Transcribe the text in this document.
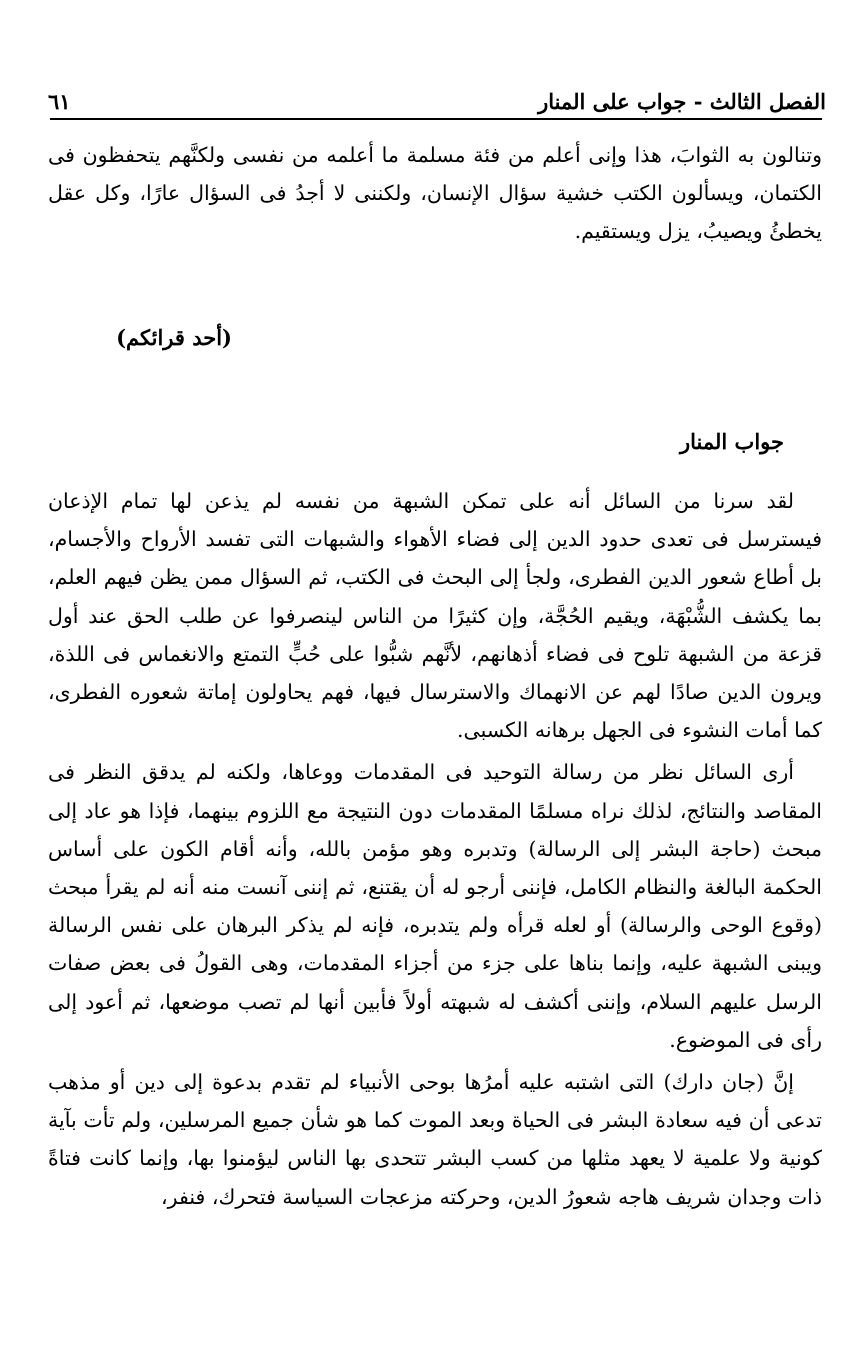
الفصل الثالث - جواب على المنار
٦١

وتنالون به الثوابَ، هذا وإنى أعلم من فئة مسلمة ما أعلمه من نفسى ولكنَّهم يتحفظون فى الكتمان، ويسألون الكتب خشية سؤال الإنسان، ولكننى لا أجدُ فى السؤال عارًا، وكل عقل يخطئُ ويصيبُ، يزل ويستقيم.

(أحد قرائكم)
جواب المنار

لقد سرنا من السائل أنه على تمكن الشبهة من نفسه لم يذعن لها تمام الإذعان فيسترسل فى تعدى حدود الدين إلى فضاء الأهواء والشبهات التى تفسد الأرواح والأجسام، بل أطاع شعور الدين الفطرى، ولجأ إلى البحث فى الكتب، ثم السؤال ممن يظن فيهم العلم، بما يكشف الشُّبْهَة، ويقيم الحُجَّة، وإن كثيرًا من الناس لينصرفوا عن طلب الحق عند أول قزعة من الشبهة تلوح فى فضاء أذهانهم، لأنَّهم شبُّوا على حُبٍّ التمتع والانغماس فى اللذة، ويرون الدين صادًا لهم عن الانهماك والاسترسال فيها، فهم يحاولون إماتة شعوره الفطرى، كما أمات النشوء فى الجهل برهانه الكسبى.

أرى السائل نظر من رسالة التوحيد فى المقدمات ووعاها، ولكنه لم يدقق النظر فى المقاصد والنتائج، لذلك نراه مسلمًا المقدمات دون النتيجة مع اللزوم بينهما، فإذا هو عاد إلى مبحث (حاجة البشر إلى الرسالة) وتدبره وهو مؤمن بالله، وأنه أقام الكون على أساس الحكمة البالغة والنظام الكامل، فإننى أرجو له أن يقتنع، ثم إننى آنست منه أنه لم يقرأ مبحث (وقوع الوحى والرسالة) أو لعله قرأه ولم يتدبره، فإنه لم يذكر البرهان على نفس الرسالة ويبنى الشبهة عليه، وإنما بناها على جزء من أجزاء المقدمات، وهى القولُ فى بعض صفات الرسل عليهم السلام، وإننى أكشف له شبهته أولاً فأبين أنها لم تصب موضعها، ثم أعود إلى رأى فى الموضوع.

إنَّ (جان دارك) التى اشتبه عليه أمرُها بوحى الأنبياء لم تقدم بدعوة إلى دين أو مذهب تدعى أن فيه سعادة البشر فى الحياة وبعد الموت كما هو شأن جميع المرسلين، ولم تأت بآية كونية ولا علمية لا يعهد مثلها من كسب البشر تتحدى بها الناس ليؤمنوا بها، وإنما كانت فتاةً ذات وجدان شريف هاجه شعورُ الدين، وحركته مزعجات السياسة فتحرك، فنفر،
